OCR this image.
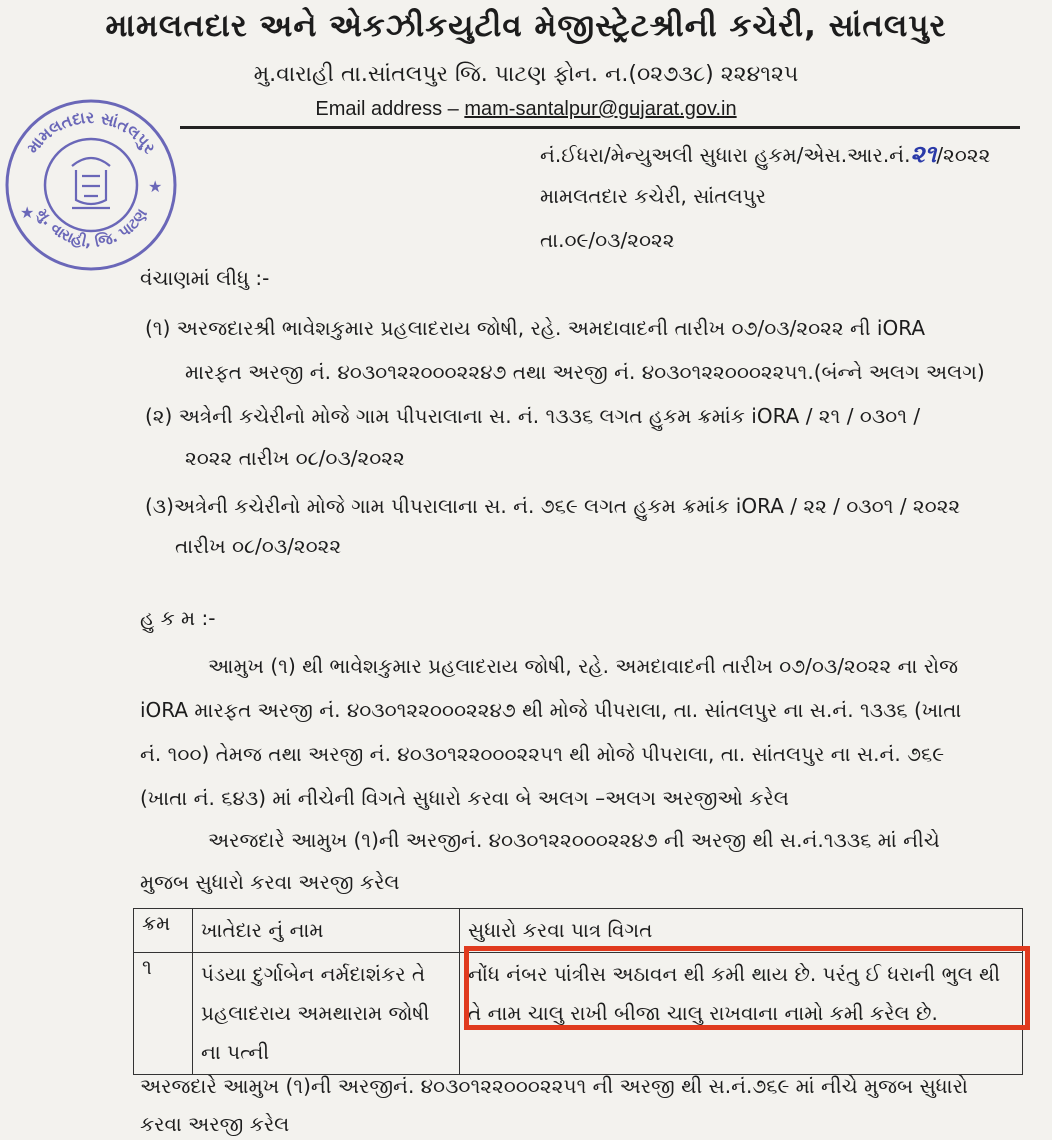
મામલતદાર અને એકઝીકયુટીવ મેજીસ્ટ્રેટશ્રીની કચેરી, સાંતલપુર
મુ.વારાહી તા.સાંતલપુર જિ. પાટણ ફોન. ન.(૦૨૭૩૮) ૨૨૪૧૨૫
Email address – mam-santalpur@gujarat.gov.in
મામલતદાર સાંતલપુર
મુ. વારાહી, જિ. પાટણ
★
★
નં.ઈધરા/મેન્યુઅલી સુધારા હુકમ/એસ.આર.નં.૨૧/૨૦૨૨
મામલતદાર કચેરી, સાંતલપુર
તા.૦૯/૦૩/૨૦૨૨
વંચાણમાં લીધુ :-
(૧) અરજદારશ્રી ભાવેશકુમાર પ્રહલાદરાય જોષી, રહે. અમદાવાદની તારીખ ૦૭/૦૩/૨૦૨૨ ની iORA
મારફત અરજી નં. ૪૦૩૦૧૨૨૦૦૦૨૨૪૭ તથા અરજી નં. ૪૦૩૦૧૨૨૦૦૦૨૨૫૧.(બંન્ને અલગ અલગ)
(૨) અત્રેની કચેરીનો મોજે ગામ પીપરાલાના સ. નં. ૧૩૩૬ લગત હુકમ ક્રમાંક iORA / ૨૧ / ૦૩૦૧ /
૨૦૨૨ તારીખ ૦૮/૦૩/૨૦૨૨
(૩)અત્રેની કચેરીનો મોજે ગામ પીપરાલાના સ. નં. ૭૬૯ લગત હુકમ ક્રમાંક iORA / ૨૨ / ૦૩૦૧ / ૨૦૨૨
તારીખ ૦૮/૦૩/૨૦૨૨
હુ ક મ :-
આમુખ (૧) થી ભાવેશકુમાર પ્રહલાદરાય જોષી, રહે. અમદાવાદની તારીખ ૦૭/૦૩/૨૦૨૨ ના રોજ
iORA મારફત અરજી નં. ૪૦૩૦૧૨૨૦૦૦૨૨૪૭ થી મોજે પીપરાલા, તા. સાંતલપુર ના સ.નં. ૧૩૩૬ (ખાતા
નં. ૧૦૦) તેમજ તથા અરજી નં. ૪૦૩૦૧૨૨૦૦૦૨૨૫૧ થી મોજે પીપરાલા, તા. સાંતલપુર ના સ.નં. ૭૬૯
(ખાતા નં. ૬૪૩) માં નીચેની વિગતે સુધારો કરવા બે અલગ –અલગ અરજીઓ કરેલ
અરજદારે આમુખ (૧)ની અરજીનં. ૪૦૩૦૧૨૨૦૦૦૨૨૪૭ ની અરજી થી સ.નં.૧૩૩૬ માં નીચે
મુજબ સુધારો કરવા અરજી કરેલ
ક્રમ	ખાતેદાર નું નામ	સુધારો કરવા પાત્ર વિગત
૧	પંડયા દુર્ગાબેન નર્મદાશંકર તે પ્રહલાદરાય અમથારામ જોષી ના પત્ની	નોંધ નંબર પાંત્રીસ અઠાવન થી કમી થાય છે. પરંતુ ઈ ધરાની ભુલ થી તે નામ ચાલુ રાખી બીજા ચાલુ રાખવાના નામો કમી કરેલ છે.
અરજદારે આમુખ (૧)ની અરજીનં. ૪૦૩૦૧૨૨૦૦૦૨૨૫૧ ની અરજી થી સ.નં.૭૬૯ માં નીચે મુજબ સુધારો
કરવા અરજી કરેલ
